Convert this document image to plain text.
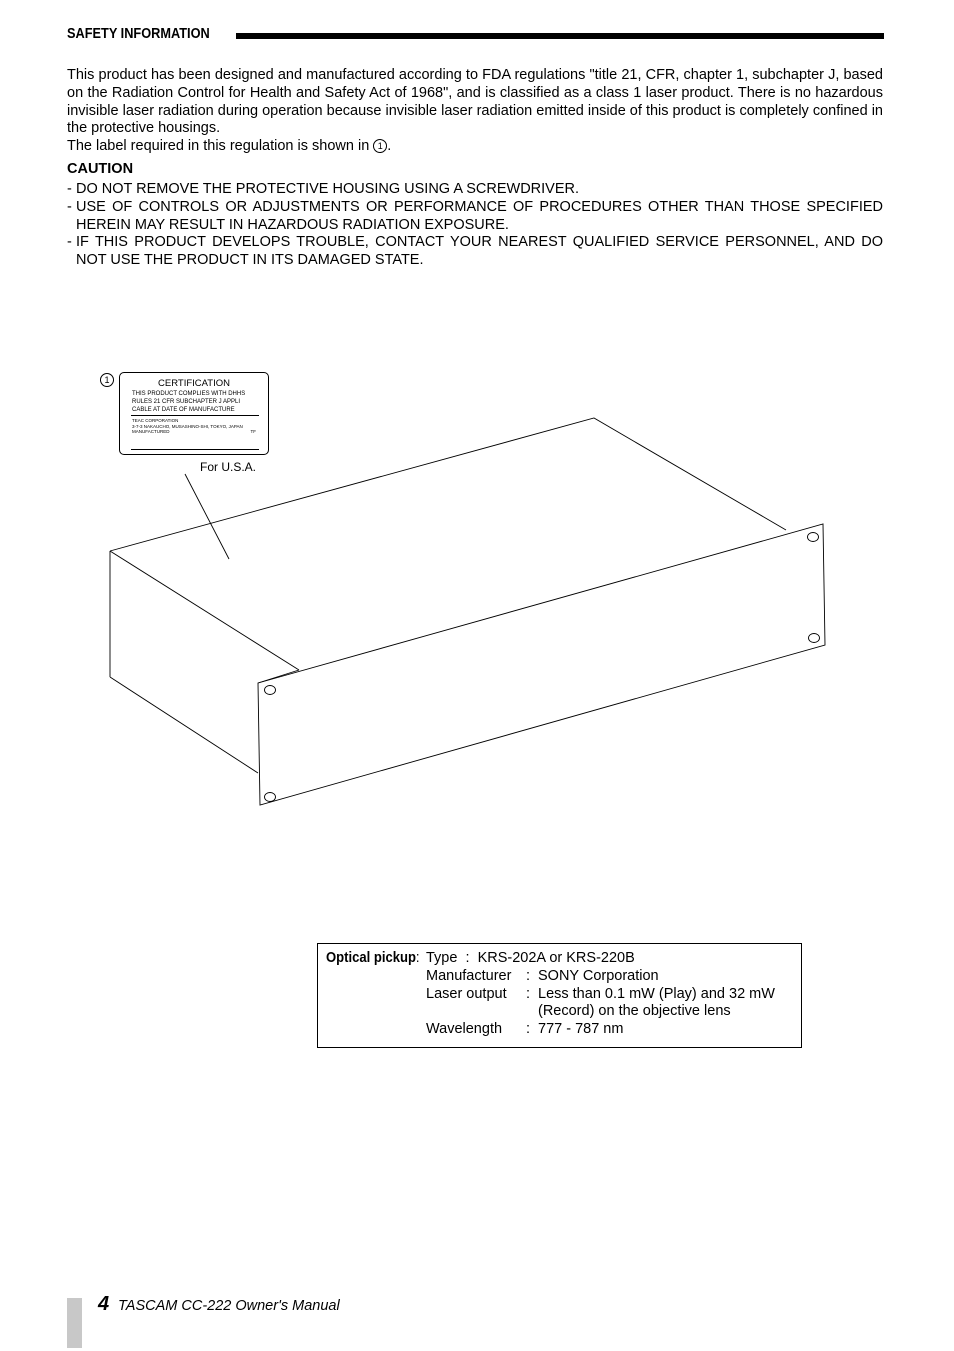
SAFETY INFORMATION
This product has been designed and manufactured according to FDA regulations "title 21, CFR, chapter 1, subchapter J, based on the Radiation Control for Health and Safety Act of 1968", and is classified as a class 1 laser product. There is no hazardous invisible laser radiation during operation because invisible laser radiation emitted inside of this product is completely confined in the protective housings.
The label required in this regulation is shown in 1 .
CAUTION
- DO NOT REMOVE THE PROTECTIVE HOUSING USING A SCREWDRIVER.
- USE OF CONTROLS OR ADJUSTMENTS OR PERFORMANCE OF PROCEDURES OTHER THAN THOSE SPECIFIED HEREIN MAY RESULT IN HAZARDOUS RADIATION EXPOSURE.
- IF THIS PRODUCT DEVELOPS TROUBLE, CONTACT YOUR NEAREST QUALIFIED SERVICE PERSONNEL, AND DO NOT USE THE PRODUCT IN ITS DAMAGED STATE.
1	CERTIFICATION
THIS PRODUCT COMPLIES WITH DHHS
RULES 21 CFR SUBCHAPTER J APPLI
CABLE AT DATE OF MANUFACTURE
TEAC CORPORATION
3-7-3 NAKAUCHO, MUSASHINO-SHI, TOKYO, JAPAN
MANUFACTURED	TF
For U.S.A.
Optical pickup: Type : KRS-202A or KRS-220B
Manufacturer : SONY Corporation
Laser output : Less than 0.1 mW (Play) and 32 mW
(Record) on the objective lens
Wavelength : 777 - 787 nm
4 TASCAM CC-222 Owner's Manual
